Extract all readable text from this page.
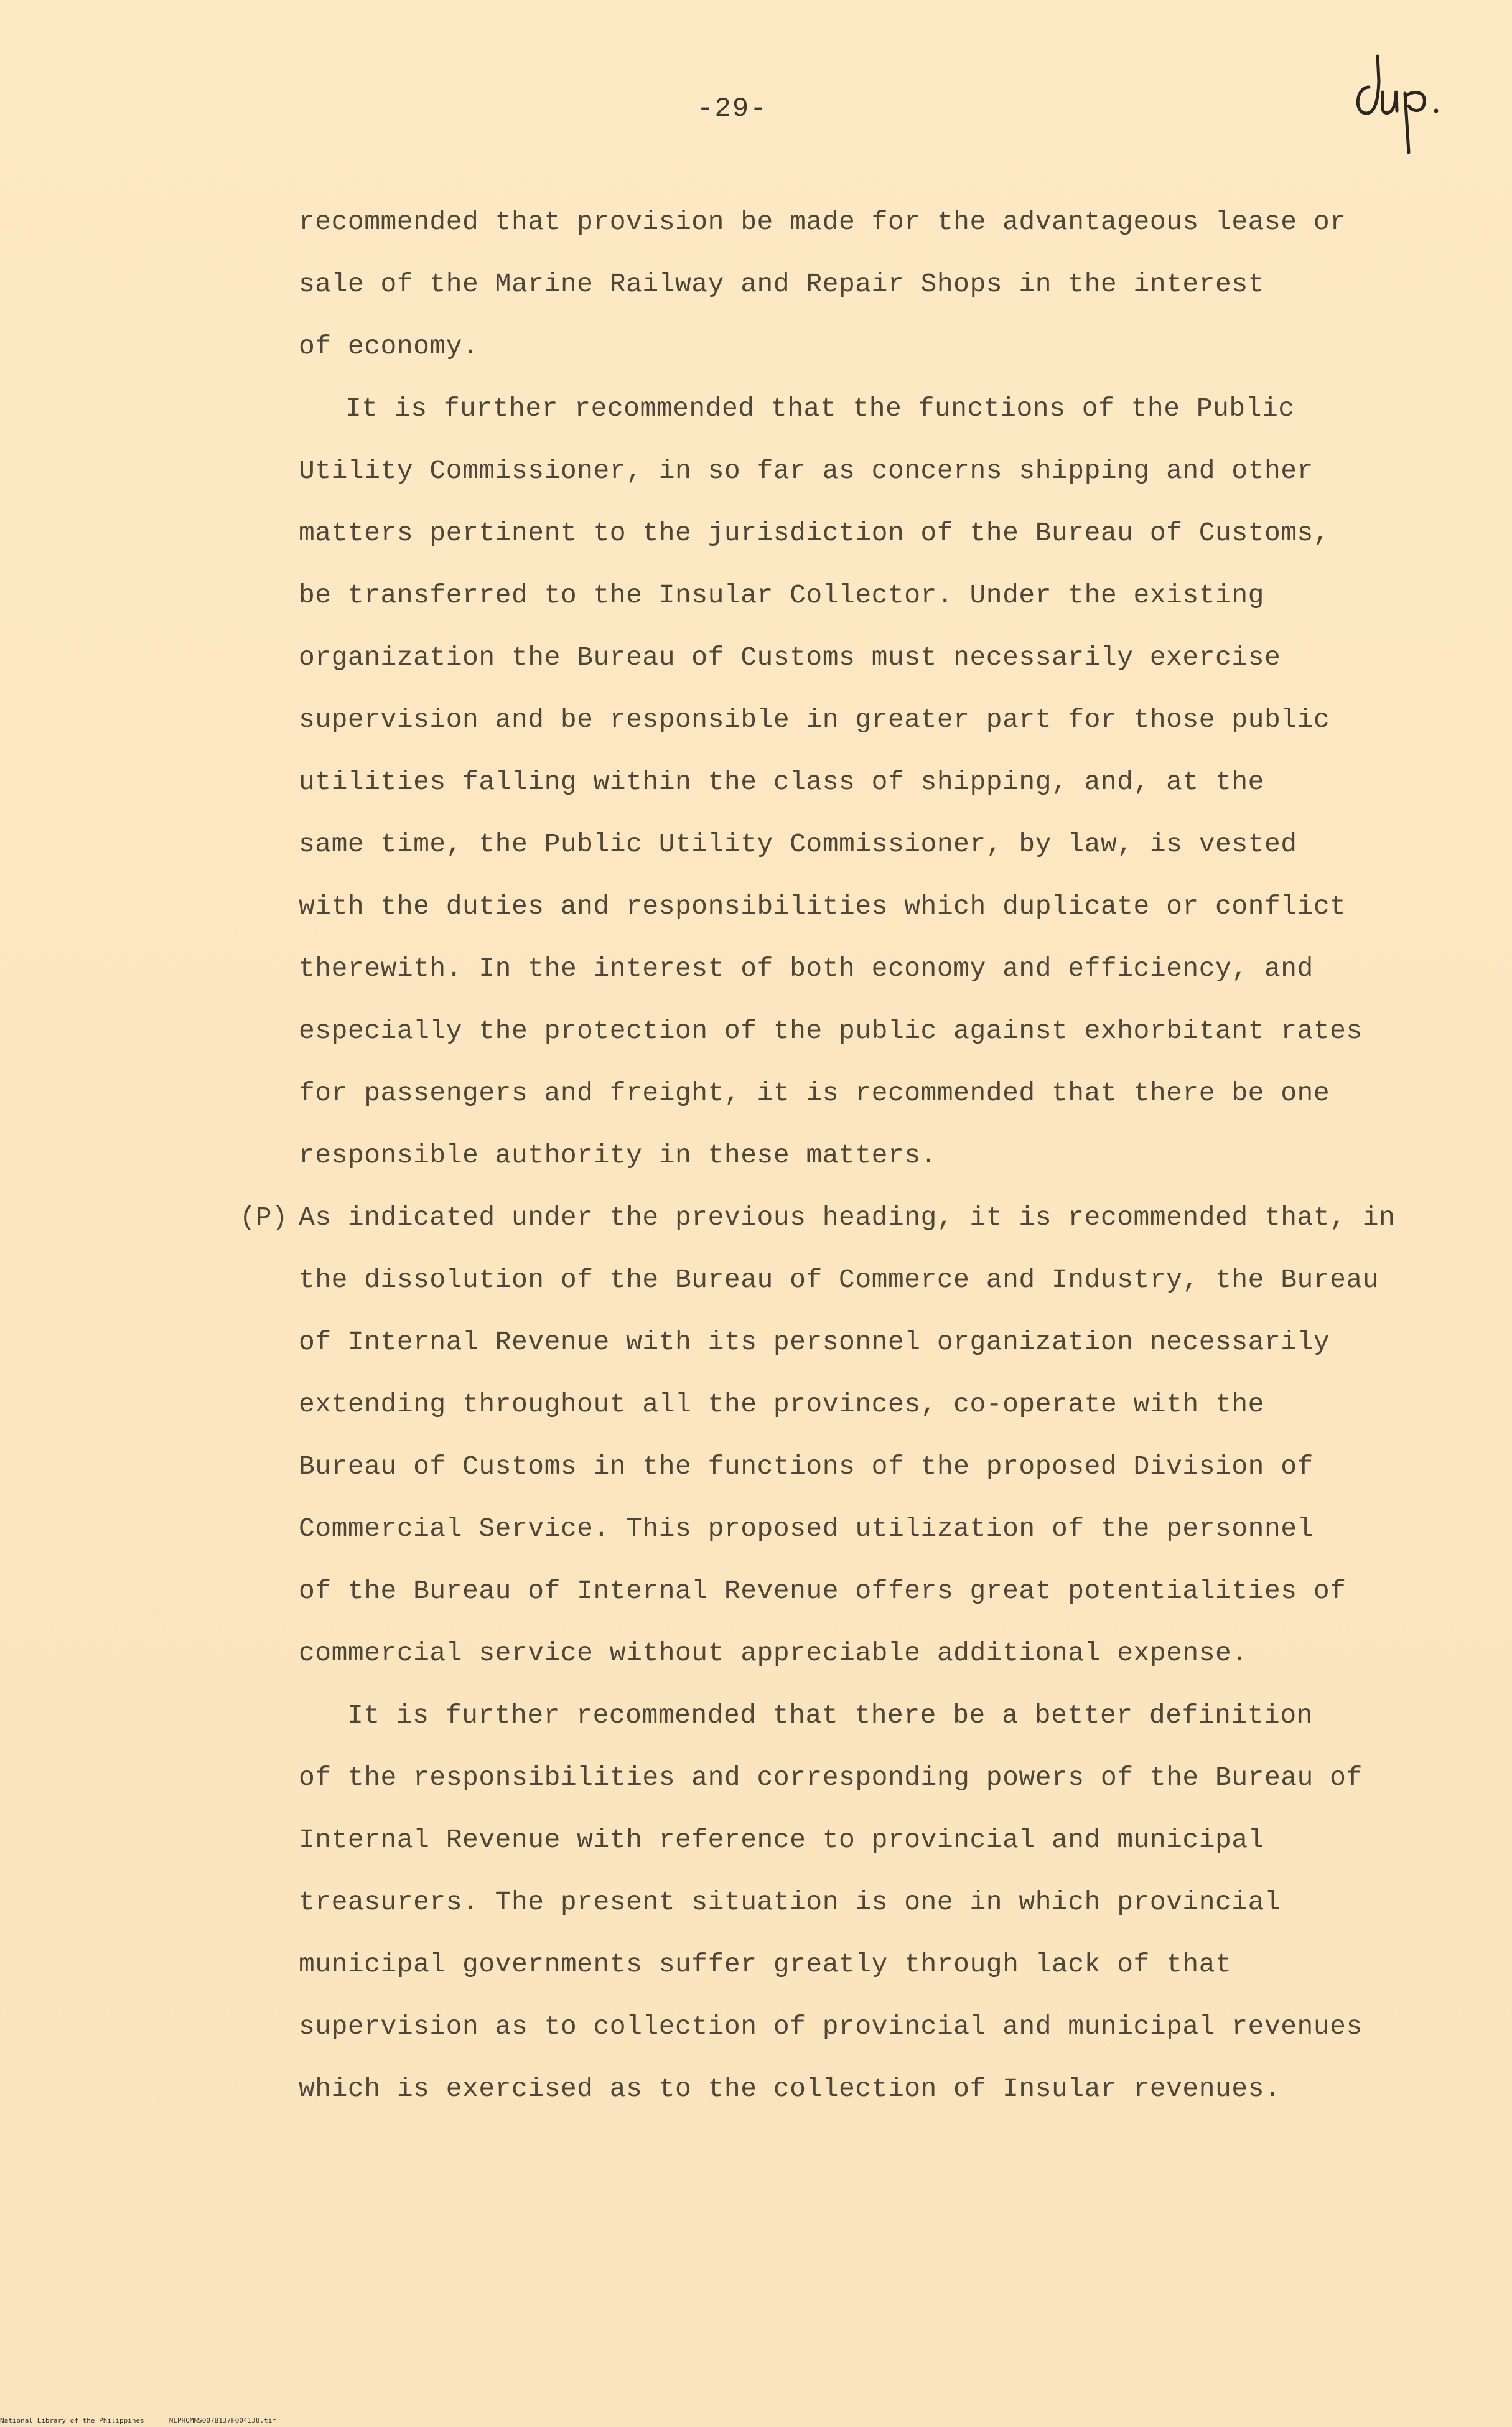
-29-
recommended that provision be made for the advantageous lease or
sale of the Marine Railway and Repair Shops in the interest
of economy.
It is further recommended that the functions of the Public
Utility Commissioner, in so far as concerns shipping and other
matters pertinent to the jurisdiction of the Bureau of Customs,
be transferred to the Insular Collector. Under the existing
organization the Bureau of Customs must necessarily exercise
supervision and be responsible in greater part for those public
utilities falling within the class of shipping, and, at the
same time, the Public Utility Commissioner, by law, is vested
with the duties and responsibilities which duplicate or conflict
therewith. In the interest of both economy and efficiency, and
especially the protection of the public against exhorbitant rates
for passengers and freight, it is recommended that there be one
responsible authority in these matters.
(P) As indicated under the previous heading, it is recommended that, in
the dissolution of the Bureau of Commerce and Industry, the Bureau
of Internal Revenue with its personnel organization necessarily
extending throughout all the provinces, co-operate with the
Bureau of Customs in the functions of the proposed Division of
Commercial Service. This proposed utilization of the personnel
of the Bureau of Internal Revenue offers great potentialities of
commercial service without appreciable additional expense.
It is further recommended that there be a better definition
of the responsibilities and corresponding powers of the Bureau of
Internal Revenue with reference to provincial and municipal
treasurers. The present situation is one in which provincial
municipal governments suffer greatly through lack of that
supervision as to collection of provincial and municipal revenues
which is exercised as to the collection of Insular revenues.
National Library of the Philippines	NLPHQMNS007B137F004138.tif
